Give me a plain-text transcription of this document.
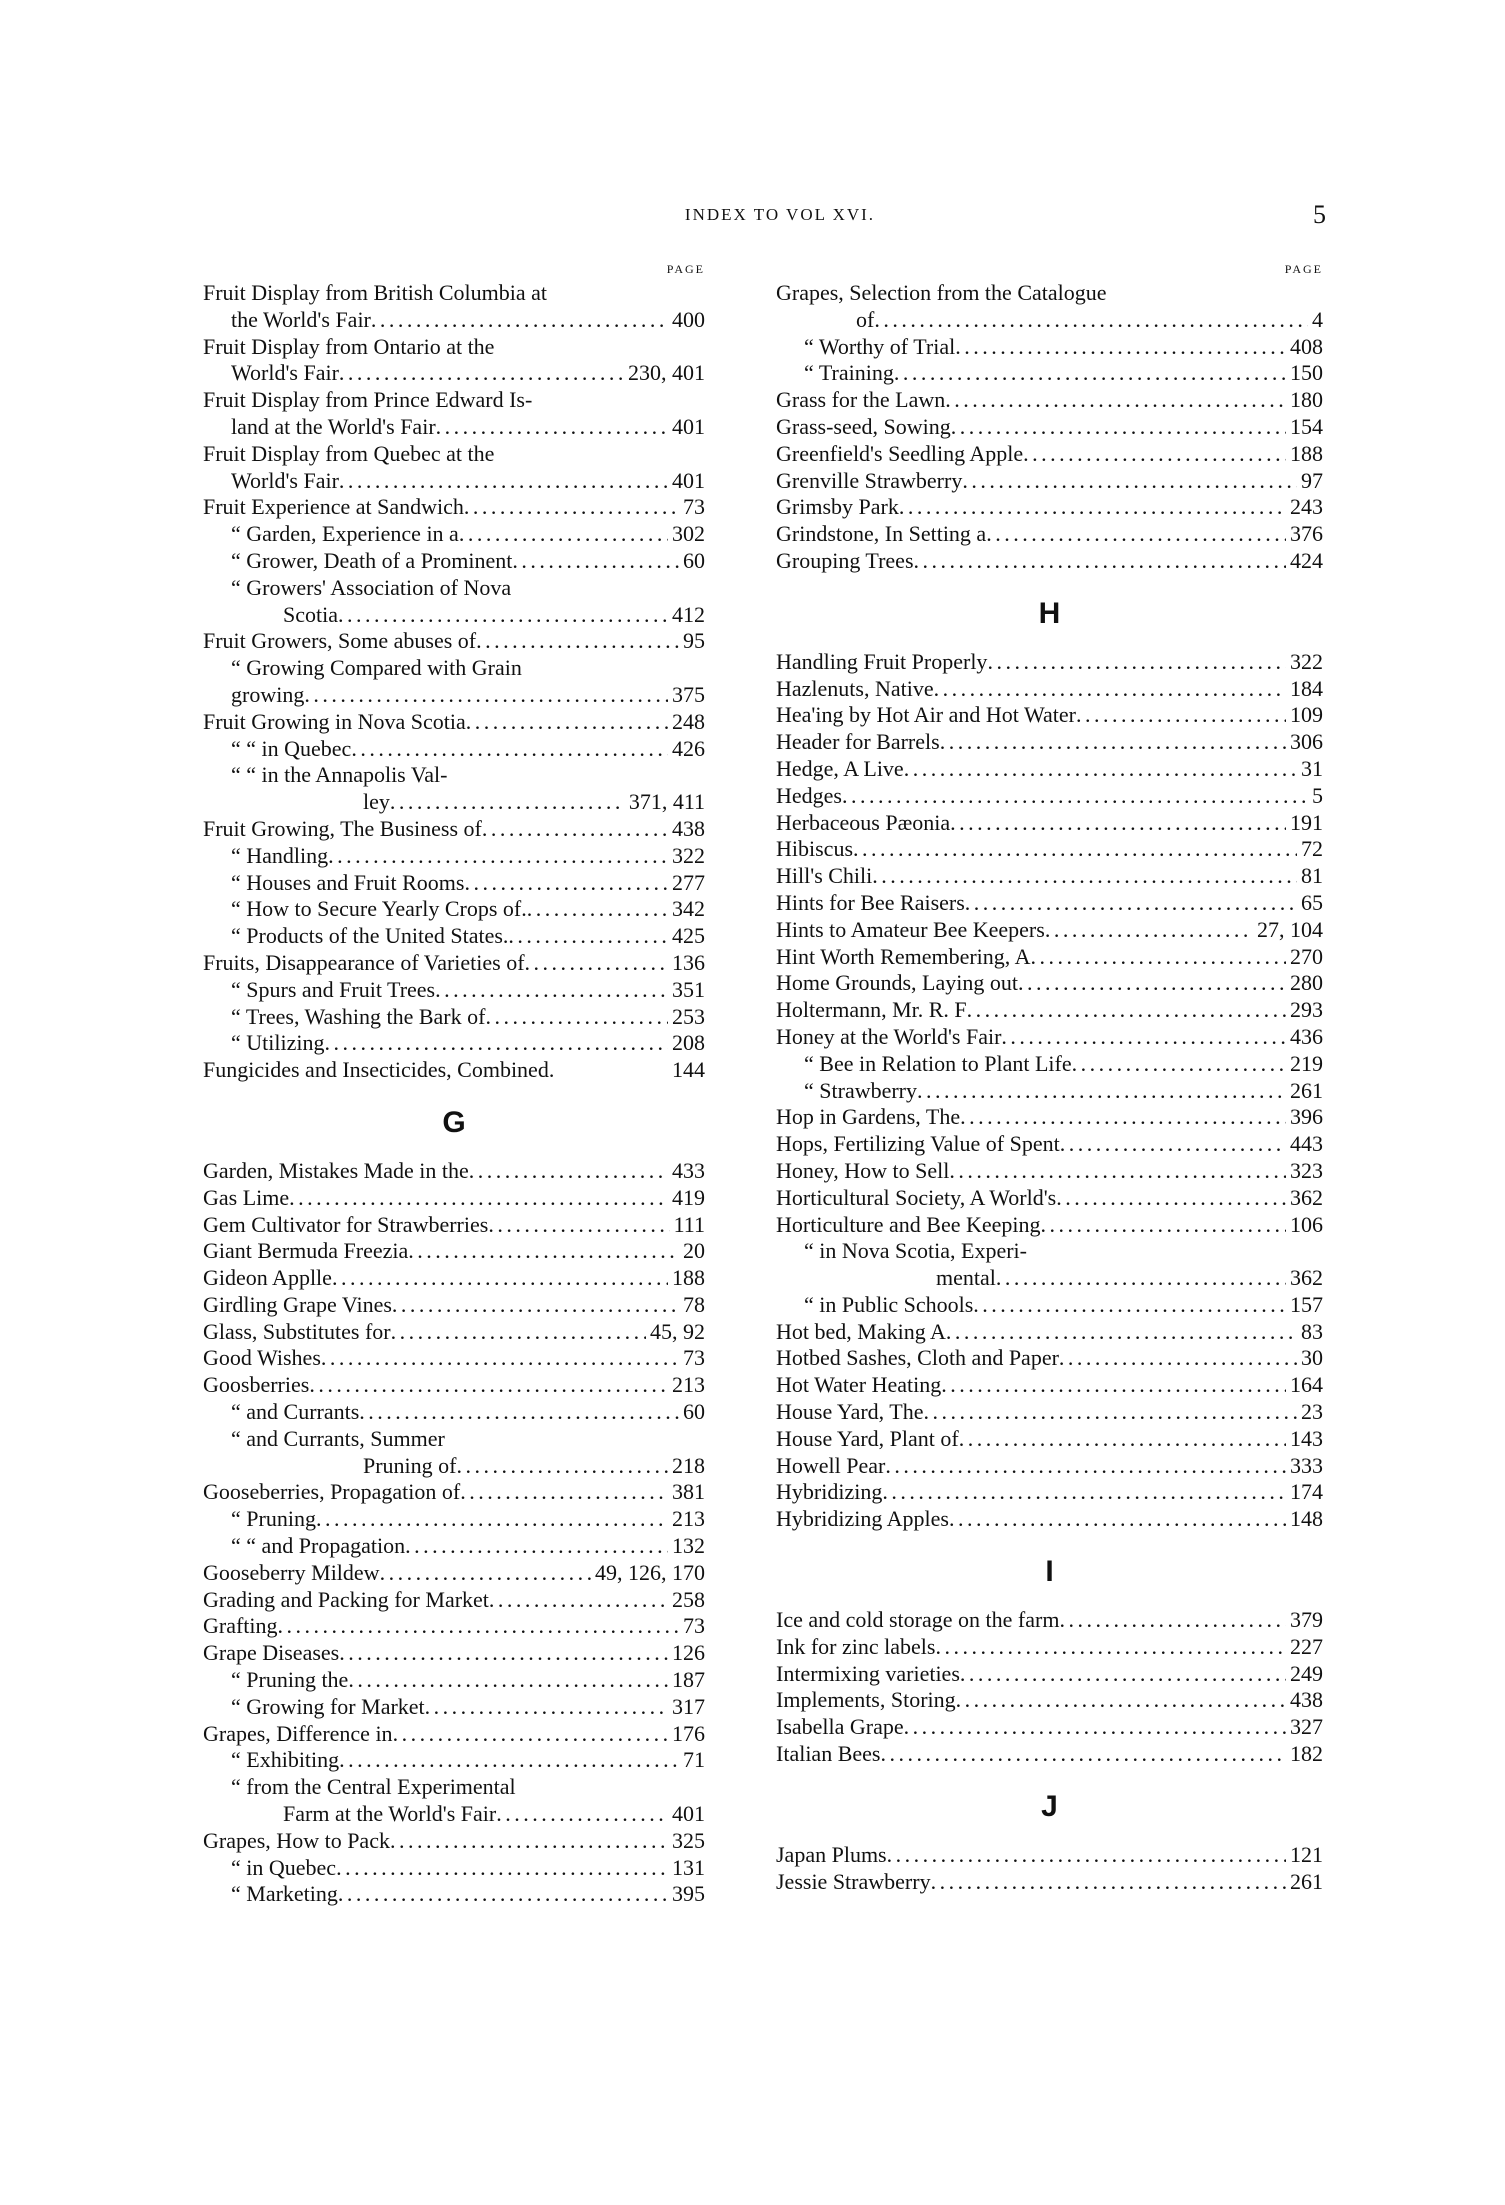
INDEX TO VOL XVI.	5
PAGE
Fruit Display from British Columbia at
the World's Fair . . .	400
Fruit Display from Ontario at the
World's Fair . . .	230, 401
Fruit Display from Prince Edward Is-
land at the World's Fair . . .	401
Fruit Display from Quebec at the
World's Fair . . .	401
Fruit Experience at Sandwich . . .	73
“ Garden, Experience in a . . .	302
“ Grower, Death of a Prominent . . .	60
“ Growers' Association of Nova
Scotia . . .	412
Fruit Growers, Some abuses of . . .	95
“ Growing Compared with Grain
growing . . .	375
Fruit Growing in Nova Scotia . . .	248
“ “ in Quebec . . .	426
“ “ in the Annapolis Val-
ley . . .	371, 411
Fruit Growing, The Business of . . .	438
“ Handling . . .	322
“ Houses and Fruit Rooms . . .	277
“ How to Secure Yearly Crops of. . . .	342
“ Products of the United States. . . .	425
Fruits, Disappearance of Varieties of . . .	136
“ Spurs and Fruit Trees . . .	351
“ Trees, Washing the Bark of . . .	253
“ Utilizing . . .	208
Fungicides and Insecticides, Combined.	144
G
Garden, Mistakes Made in the . . .	433
Gas Lime . . .	419
Gem Cultivator for Strawberries . . .	111
Giant Bermuda Freezia . . .	20
Gideon Applle . . .	188
Girdling Grape Vines . . .	78
Glass, Substitutes for . . .	45, 92
Good Wishes . . .	73
Goosberries . . .	213
“ and Currants . . .	60
“ and Currants, Summer
Pruning of . . .	218
Gooseberries, Propagation of . . .	381
“ Pruning . . .	213
“ “ and Propagation . . .	132
Gooseberry Mildew . . .	49, 126, 170
Grading and Packing for Market . . .	258
Grafting . . .	73
Grape Diseases . . .	126
“ Pruning the . . .	187
“ Growing for Market . . .	317
Grapes, Difference in . . .	176
“ Exhibiting . . .	71
“ from the Central Experimental
Farm at the World's Fair . . .	401
Grapes, How to Pack . . .	325
“ in Quebec . . .	131
“ Marketing . . .	395
PAGE
Grapes, Selection from the Catalogue
of . . .	4
“ Worthy of Trial . . .	408
“ Training . . .	150
Grass for the Lawn . . .	180
Grass-seed, Sowing . . .	154
Greenfield's Seedling Apple . . .	188
Grenville Strawberry . . .	97
Grimsby Park . . .	243
Grindstone, In Setting a . . .	376
Grouping Trees . . .	424
H
Handling Fruit Properly . . .	322
Hazlenuts, Native . . .	184
Hea'ing by Hot Air and Hot Water . . .	109
Header for Barrels . . .	306
Hedge, A Live . . .	31
Hedges . . .	5
Herbaceous Pæonia . . .	191
Hibiscus . . .	72
Hill's Chili . . .	81
Hints for Bee Raisers . . .	65
Hints to Amateur Bee Keepers . . .	27, 104
Hint Worth Remembering, A . . .	270
Home Grounds, Laying out . . .	280
Holtermann, Mr. R. F . . .	293
Honey at the World's Fair . . .	436
“ Bee in Relation to Plant Life . . .	219
“ Strawberry . . .	261
Hop in Gardens, The . . .	396
Hops, Fertilizing Value of Spent . . .	443
Honey, How to Sell . . .	323
Horticultural Society, A World's . . .	362
Horticulture and Bee Keeping . . .	106
“ in Nova Scotia, Experi-
mental . . .	362
“ in Public Schools . . .	157
Hot bed, Making A . . .	83
Hotbed Sashes, Cloth and Paper . . .	30
Hot Water Heating . . .	164
House Yard, The . . .	23
House Yard, Plant of . . .	143
Howell Pear . . .	333
Hybridizing . . .	174
Hybridizing Apples . . .	148
I
Ice and cold storage on the farm . . .	379
Ink for zinc labels . . .	227
Intermixing varieties . . .	249
Implements, Storing . . .	438
Isabella Grape . . .	327
Italian Bees . . .	182
J
Japan Plums . . .	121
Jessie Strawberry . . .	261
